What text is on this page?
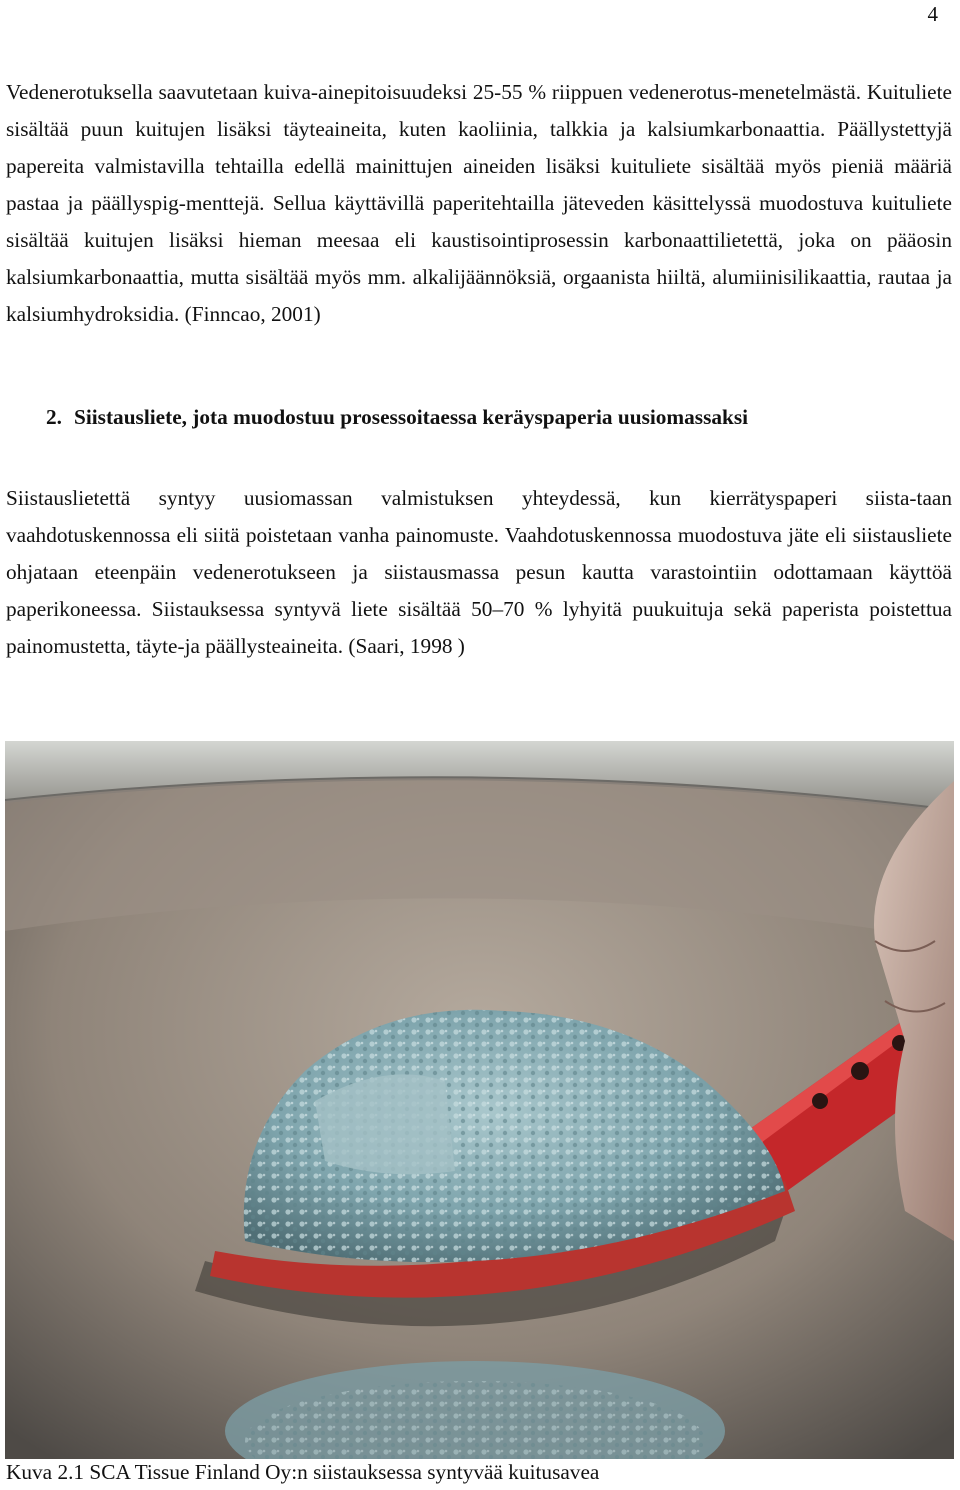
4

Vedenerotuksella saavutetaan kuiva-ainepitoisuudeksi 25-55 % riippuen vedenerotus-menetelmästä. Kuituliete sisältää puun kuitujen lisäksi täyteaineita, kuten kaoliinia, talkkia ja kalsiumkarbonaattia. Päällystettyjä papereita valmistavilla tehtailla edellä mainittujen aineiden lisäksi kuituliete sisältää myös pieniä määriä pastaa ja päällyspig-menttejä. Sellua käyttävillä paperitehtailla jäteveden käsittelyssä muodostuva kuituliete sisältää kuitujen lisäksi hieman meesaa eli kaustisointiprosessin karbonaattilietettä, joka on pääosin kalsiumkarbonaattia, mutta sisältää myös mm. alkalijäännöksiä, orgaanista hiiltä, alumiinisilikaattia, rautaa ja kalsiumhydroksidia. (Finncao, 2001)

2. Siistausliete, jota muodostuu prosessoitaessa keräyspaperia uusiomassaksi

Siistauslietettä syntyy uusiomassan valmistuksen yhteydessä, kun kierrätyspaperi siista-taan vaahdotuskennossa eli siitä poistetaan vanha painomuste. Vaahdotuskennossa muodostuva jäte eli siistausliete ohjataan eteenpäin vedenerotukseen ja siistausmassa pesun kautta varastointiin odottamaan käyttöä paperikoneessa. Siistauksessa syntyvä liete sisältää 50–70 % lyhyitä puukuituja sekä paperista poistettua painomustetta, täyte-ja päällysteaineita. (Saari, 1998 )

Kuva 2.1 SCA Tissue Finland Oy:n siistauksessa syntyvää kuitusavea
